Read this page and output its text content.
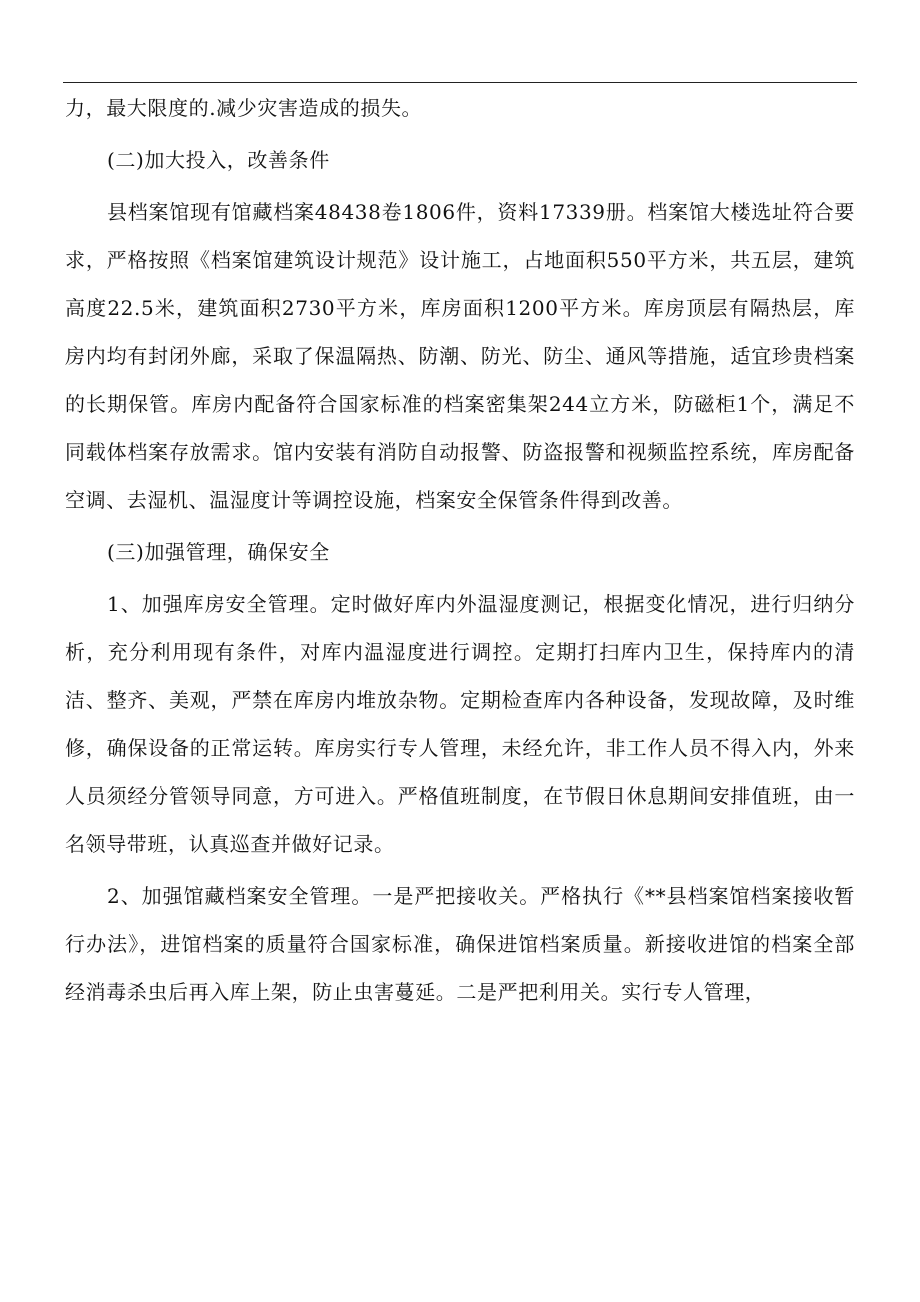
力，最大限度的.减少灾害造成的损失。

(二)加大投入，改善条件

县档案馆现有馆藏档案48438卷1806件，资料17339册。档案馆大楼选址符合要求，严格按照《档案馆建筑设计规范》设计施工，占地面积550平方米，共五层，建筑高度22.5米，建筑面积2730平方米，库房面积1200平方米。库房顶层有隔热层，库房内均有封闭外廊，采取了保温隔热、防潮、防光、防尘、通风等措施，适宜珍贵档案的长期保管。库房内配备符合国家标准的档案密集架244立方米，防磁柜1个，满足不同载体档案存放需求。馆内安装有消防自动报警、防盗报警和视频监控系统，库房配备空调、去湿机、温湿度计等调控设施，档案安全保管条件得到改善。

(三)加强管理，确保安全

1、加强库房安全管理。定时做好库内外温湿度测记，根据变化情况，进行归纳分析，充分利用现有条件，对库内温湿度进行调控。定期打扫库内卫生，保持库内的清洁、整齐、美观，严禁在库房内堆放杂物。定期检查库内各种设备，发现故障，及时维修，确保设备的正常运转。库房实行专人管理，未经允许，非工作人员不得入内，外来人员须经分管领导同意，方可进入。严格值班制度，在节假日休息期间安排值班，由一名领导带班，认真巡查并做好记录。

2、加强馆藏档案安全管理。一是严把接收关。严格执行《**县档案馆档案接收暂行办法》，进馆档案的质量符合国家标准，确保进馆档案质量。新接收进馆的档案全部经消毒杀虫后再入库上架，防止虫害蔓延。二是严把利用关。实行专人管理，
